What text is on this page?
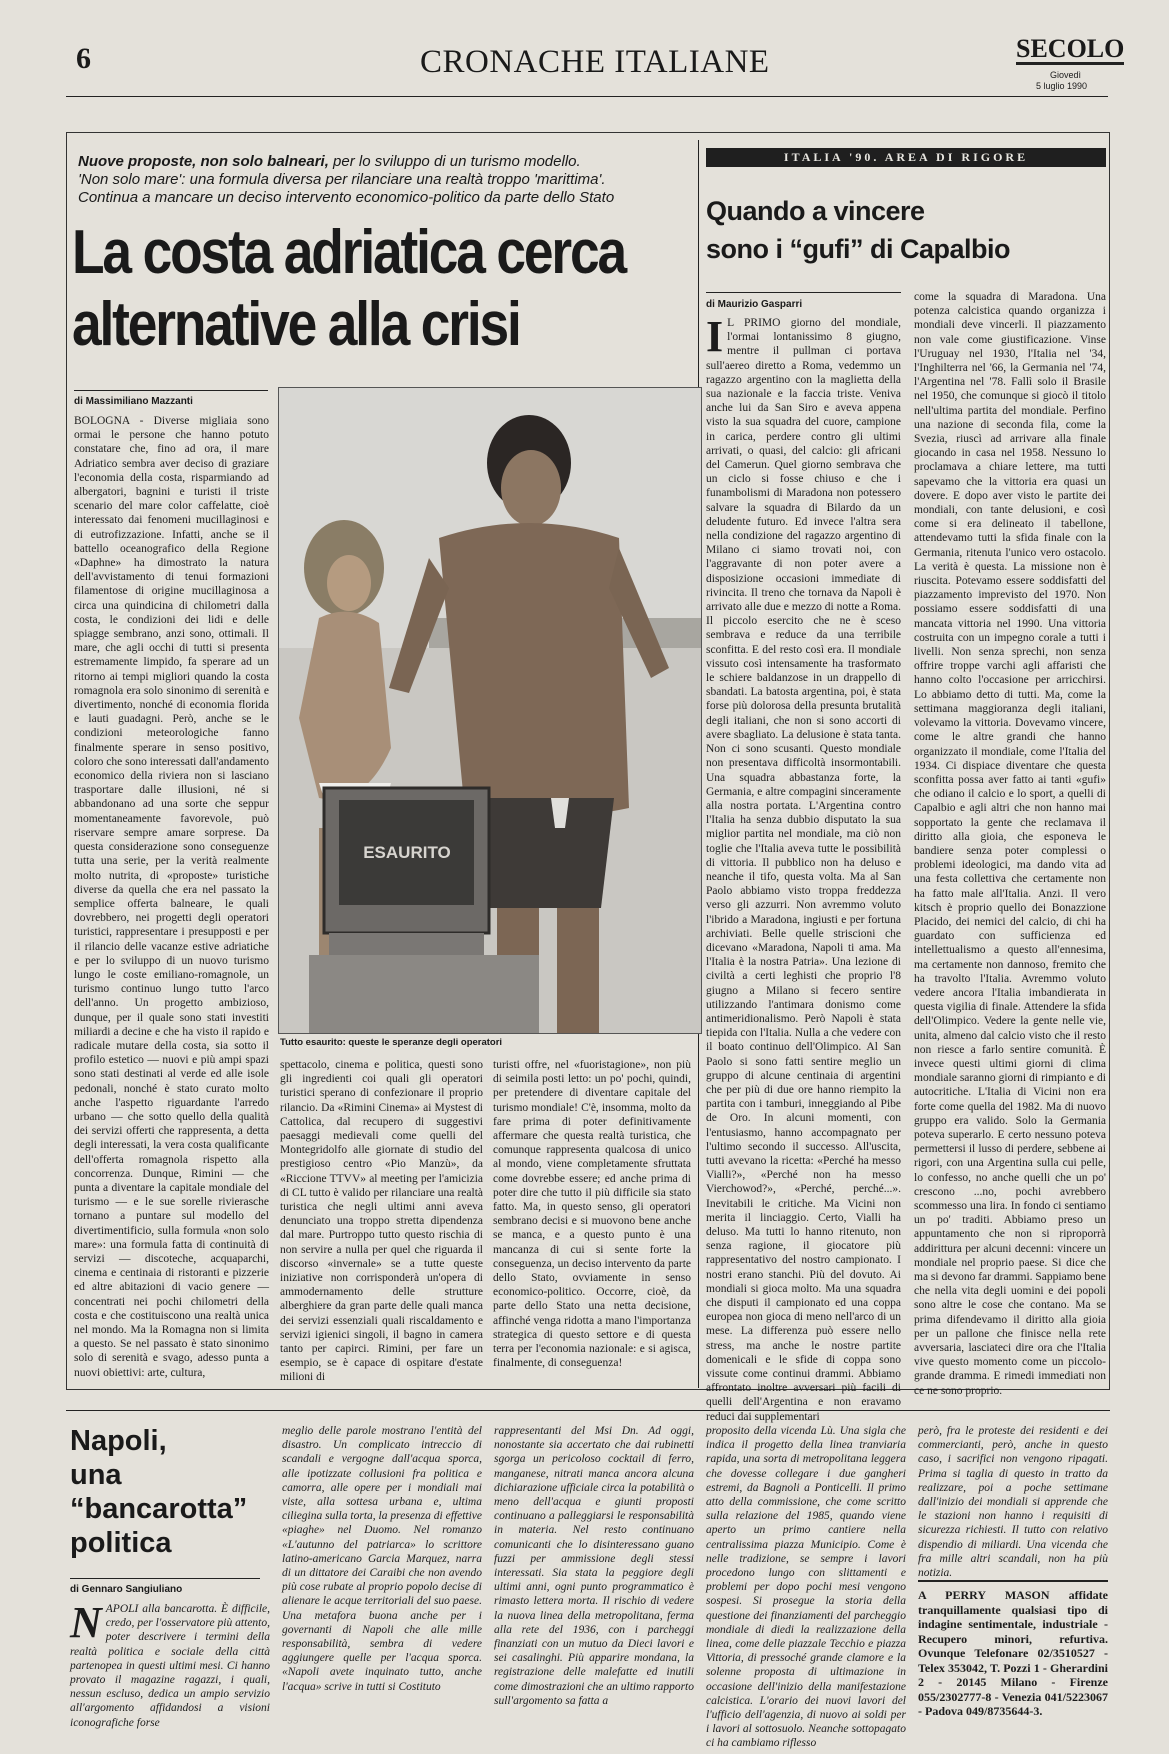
6	CRONACHE ITALIANE	SECOLO
Giovedì
5 luglio 1990
Nuove proposte, non solo balneari, per lo sviluppo di un turismo modello.
'Non solo mare': una formula diversa per rilanciare una realtà troppo 'marittima'.
Continua a mancare un deciso intervento economico-politico da parte dello Stato
La costa adriatica cerca
alternative alla crisi
di Massimiliano Mazzanti

BOLOGNA - Diverse migliaia sono ormai le persone che hanno potuto constatare che, fino ad ora, il mare Adriatico sembra aver deciso di graziare l'economia della costa, risparmiando ad albergatori, bagnini e turisti il triste scenario del mare color caffelatte, cioè interessato dai fenomeni mucillaginosi e di eutrofizzazione. Infatti, anche se il battello oceanografico della Regione «Daphne» ha dimostrato la natura dell'avvistamento di tenui formazioni filamentose di origine mucillaginosa a circa una quindicina di chilometri dalla costa, le condizioni dei lidi e delle spiagge sembrano, anzi sono, ottimali. Il mare, che agli occhi di tutti si presenta estremamente limpido, fa sperare ad un ritorno ai tempi migliori quando la costa romagnola era solo sinonimo di serenità e divertimento, nonché di economia florida e lauti guadagni. Però, anche se le condizioni meteorologiche fanno finalmente sperare in senso positivo, coloro che sono interessati dall'andamento economico della riviera non si lasciano trasportare dalle illusioni, né si abbandonano ad una sorte che seppur momentaneamente favorevole, può riservare sempre amare sorprese. Da questa considerazione sono conseguenze tutta una serie, per la verità realmente molto nutrita, di «proposte» turistiche diverse da quella che era nel passato la semplice offerta balneare, le quali dovrebbero, nei progetti degli operatori turistici, rappresentare i presupposti e per il rilancio delle vacanze estive adriatiche e per lo sviluppo di un nuovo turismo lungo le coste emiliano-romagnole, un turismo continuo lungo tutto l'arco dell'anno. Un progetto ambizioso, dunque, per il quale sono stati investiti miliardi a decine e che ha visto il rapido e radicale mutare della costa, sia sotto il profilo estetico — nuovi e più ampi spazi sono stati destinati al verde ed alle isole pedonali, nonché è stato curato molto anche l'aspetto riguardante l'arredo urbano — che sotto quello della qualità dei servizi offerti che rappresenta, a detta degli interessati, la vera costa qualificante dell'offerta romagnola rispetto alla concorrenza. Dunque, Rimini — che punta a diventare la capitale mondiale del turismo — e le sue sorelle rivierasche tornano a puntare sul modello del divertimentificio, sulla formula «non solo mare»: una formula fatta di continuità di servizi — discoteche, acquaparchi, cinema e centinaia di ristoranti e pizzerie ed altre abitazioni di vacio genere — concentrati nei pochi chilometri della costa e che costituiscono una realtà unica nel mondo. Ma la Romagna non si limita a questo. Se nel passato è stato sinonimo solo di serenità e svago, adesso punta a nuovi obiettivi: arte, cultura,

ESAURITO
Tutto esaurito: queste le speranze degli operatori

spettacolo, cinema e politica, questi sono gli ingredienti coi quali gli operatori turistici sperano di confezionare il proprio rilancio. Da «Rimini Cinema» ai Mystest di Cattolica, dal recupero di suggestivi paesaggi medievali come quelli del Montegridolfo alle giornate di studio del prestigioso centro «Pio Manzù», da «Riccione TTVV» al meeting per l'amicizia di CL tutto è valido per rilanciare una realtà turistica che negli ultimi anni aveva denunciato una troppo stretta dipendenza dal mare. Purtroppo tutto questo rischia di non servire a nulla per quel che riguarda il discorso «invernale» se a tutte queste iniziative non corrisponderà un'opera di ammodernamento delle strutture alberghiere da gran parte delle quali manca dei servizi essenziali quali riscaldamento e servizi igienici singoli, il bagno in camera tanto per capirci. Rimini, per fare un esempio, se è capace di ospitare d'estate milioni di

turisti offre, nel «fuoristagione», non più di seimila posti letto: un po' pochi, quindi, per pretendere di diventare capitale del turismo mondiale! C'è, insomma, molto da fare prima di poter definitivamente affermare che questa realtà turistica, che comunque rappresenta qualcosa di unico al mondo, viene completamente sfruttata come dovrebbe essere; ed anche prima di poter dire che tutto il più difficile sia stato fatto. Ma, in questo senso, gli operatori sembrano decisi e si muovono bene anche se manca, e a questo punto è una mancanza di cui si sente forte la conseguenza, un deciso intervento da parte dello Stato, ovviamente in senso economico-politico. Occorre, cioè, da parte dello Stato una netta decisione, affinché venga ridotta a mano l'importanza strategica di questo settore e di questa terra per l'economia nazionale: e si agisca, finalmente, di conseguenza!

ITALIA '90. AREA DI RIGORE
Quando a vincere
sono i “gufi” di Capalbio
di Maurizio Gasparri
I L PRIMO giorno del mondiale, l'ormai lontanissimo 8 giugno, mentre il pullman ci portava sull'aereo diretto a Roma, vedemmo un ragazzo argentino con la maglietta della sua nazionale e la faccia triste. Veniva anche lui da San Siro e aveva appena visto la sua squadra del cuore, campione in carica, perdere contro gli ultimi arrivati, o quasi, del calcio: gli africani del Camerun. Quel giorno sembrava che un ciclo si fosse chiuso e che i funambolismi di Maradona non potessero salvare la squadra di Bilardo da un deludente futuro. Ed invece l'altra sera nella condizione del ragazzo argentino di Milano ci siamo trovati noi, con l'aggravante di non poter avere a disposizione occasioni immediate di rivincita. Il treno che tornava da Napoli è arrivato alle due e mezzo di notte a Roma. Il piccolo esercito che ne è sceso sembrava e reduce da una terribile sconfitta. E del resto così era. Il mondiale vissuto così intensamente ha trasformato le schiere baldanzose in un drappello di sbandati. La batosta argentina, poi, è stata forse più dolorosa della presunta brutalità degli italiani, che non si sono accorti di avere sbagliato. La delusione è stata tanta. Non ci sono scusanti. Questo mondiale non presentava difficoltà insormontabili. Una squadra abbastanza forte, la Germania, e altre compagini sinceramente alla nostra portata. L'Argentina contro l'Italia ha senza dubbio disputato la sua miglior partita nel mondiale, ma ciò non toglie che l'Italia aveva tutte le possibilità di vittoria. Il pubblico non ha deluso e neanche il tifo, questa volta. Ma al San Paolo abbiamo visto troppa freddezza verso gli azzurri. Non avremmo voluto l'ibrido a Maradona, ingiusti e per fortuna archiviati. Belle quelle striscioni che dicevano «Maradona, Napoli ti ama. Ma l'Italia è la nostra Patria». Una lezione di civiltà a certi leghisti che proprio l'8 giugno a Milano si fecero sentire utilizzando l'antimara donismo come antimeridionalismo. Però Napoli è stata tiepida con l'Italia. Nulla a che vedere con il boato continuo dell'Olimpico. Al San Paolo si sono fatti sentire meglio un gruppo di alcune centinaia di argentini che per più di due ore hanno riempito la partita con i tamburi, inneggiando al Pibe de Oro. In alcuni momenti, con l'entusiasmo, hanno accompagnato per l'ultimo secondo il successo. All'uscita, tutti avevano la ricetta: «Perché ha messo Vialli?», «Perché non ha messo Vierchowod?», «Perché, perché...». Inevitabili le critiche. Ma Vicini non merita il linciaggio. Certo, Vialli ha deluso. Ma tutti lo hanno ritenuto, non senza ragione, il giocatore più rappresentativo del nostro campionato. I nostri erano stanchi. Più del dovuto. Ai mondiali si gioca molto. Ma una squadra che disputi il campionato ed una coppa europea non gioca di meno nell'arco di un mese. La differenza può essere nello stress, ma anche le nostre partite domenicali e le sfide di coppa sono vissute come continui drammi. Abbiamo affrontato inoltre avversari più facili di quelli dell'Argentina e non eravamo reduci dai supplementari

come la squadra di Maradona. Una potenza calcistica quando organizza i mondiali deve vincerli. Il piazzamento non vale come giustificazione. Vinse l'Uruguay nel 1930, l'Italia nel '34, l'Inghilterra nel '66, la Germania nel '74, l'Argentina nel '78. Fallì solo il Brasile nel 1950, che comunque si giocò il titolo nell'ultima partita del mondiale. Perfino una nazione di seconda fila, come la Svezia, riuscì ad arrivare alla finale giocando in casa nel 1958. Nessuno lo proclamava a chiare lettere, ma tutti sapevamo che la vittoria era quasi un dovere. E dopo aver visto le partite dei mondiali, con tante delusioni, e così come si era delineato il tabellone, attendevamo tutti la sfida finale con la Germania, ritenuta l'unico vero ostacolo. La verità è questa. La missione non è riuscita. Potevamo essere soddisfatti del piazzamento imprevisto del 1970. Non possiamo essere soddisfatti di una mancata vittoria nel 1990. Una vittoria costruita con un impegno corale a tutti i livelli. Non senza sprechi, non senza offrire troppe varchi agli affaristi che hanno colto l'occasione per arricchirsi. Lo abbiamo detto di tutti. Ma, come la settimana maggioranza degli italiani, volevamo la vittoria. Dovevamo vincere, come le altre grandi che hanno organizzato il mondiale, come l'Italia del 1934. Ci dispiace diventare che questa sconfitta possa aver fatto ai tanti «gufi» che odiano il calcio e lo sport, a quelli di Capalbio e agli altri che non hanno mai sopportato la gente che reclamava il diritto alla gioia, che esponeva le bandiere senza poter complessi o problemi ideologici, ma dando vita ad una festa collettiva che certamente non ha fatto male all'Italia. Anzi. Il vero kitsch è proprio quello dei Bonazzione Placido, dei nemici del calcio, di chi ha guardato con sufficienza ed intellettualismo a questo all'ennesima, ma certamente non dannoso, fremito che ha travolto l'Italia. Avremmo voluto vedere ancora l'Italia imbandierata in questa vigilia di finale. Attendere la sfida dell'Olimpico. Vedere la gente nelle vie, unita, almeno dal calcio visto che il resto non riesce a farlo sentire comunità. È invece questi ultimi giorni di clima mondiale saranno giorni di rimpianto e di autocritiche. L'Italia di Vicini non era forte come quella del 1982. Ma di nuovo gruppo era valido. Solo la Germania poteva superarlo. E certo nessuno poteva permettersi il lusso di perdere, sebbene ai rigori, con una Argentina sulla cui pelle, lo confesso, no anche quelli che un po' crescono ...no, pochi avrebbero scommesso una lira. In fondo ci sentiamo un po' traditi. Abbiamo preso un appuntamento che non si riproporrà addirittura per alcuni decenni: vincere un mondiale nel proprio paese. Si dice che ma si devono far drammi. Sappiamo bene che nella vita degli uomini e dei popoli sono altre le cose che contano. Ma se prima difendevamo il diritto alla gioia per un pallone che finisce nella rete avversaria, lasciateci dire ora che l'Italia vive questo momento come un piccolo-grande dramma. E rimedi immediati non ce ne sono proprio.

Napoli,
una
“bancarotta”
politica
di Gennaro Sangiuliano
NAPOLI alla bancarotta. È difficile, credo, per l'osservatore più attento, poter descrivere i termini della realtà politica e sociale della città partenopea in questi ultimi mesi. Ci hanno provato il magazine ragazzi, i quali, nessun escluso, dedica un ampio servizio all'argomento affidandosi a visioni iconografiche forse

meglio delle parole mostrano l'entità del disastro. Un complicato intreccio di scandali e vergogne dall'acqua sporca, alle ipotizzate collusioni fra politica e camorra, alle opere per i mondiali mai viste, alla sottesa urbana e, ultima ciliegina sulla torta, la presenza di effettive «piaghe» nel Duomo. Nel romanzo «L'autunno del patriarca» lo scrittore latino-americano Garcia Marquez, narra di un dittatore dei Caraibi che non avendo più cose rubate al proprio popolo decise di alienare le acque territoriali del suo paese. Una metafora buona anche per i governanti di Napoli che alle mille responsabilità, sembra di vedere aggiungere quelle per l'acqua sporca. «Napoli avete inquinato tutto, anche l'acqua» scrive in tutti si Costituto

rappresentanti del Msi Dn. Ad oggi, nonostante sia accertato che dai rubinetti sgorga un pericoloso cocktail di ferro, manganese, nitrati manca ancora alcuna dichiarazione ufficiale circa la potabilità o meno dell'acqua e giunti proposti continuano a palleggiarsi le responsabilità in materia. Nel resto continuano comunicanti che lo disinteressano guano fuzzi per ammissione degli stessi interessati. Sia stata la peggiore degli ultimi anni, ogni punto programmatico è rimasto lettera morta. Il rischio di vedere la nuova linea della metropolitana, ferma alla rete del 1936, con i parcheggi finanziati con un mutuo da Dieci lavori e sei casalinghi. Più apparire mondana, la registrazione delle malefatte ed inutili come dimostrazioni che an ultimo rapporto sull'argomento sa fatta a

proposito della vicenda Lù. Una sigla che indica il progetto della linea tranviaria rapida, una sorta di metropolitana leggera che dovesse collegare i due gangheri estremi, da Bagnoli a Ponticelli. Il primo atto della commissione, che come scritto sulla relazione del 1985, quando viene aperto un primo cantiere nella centralissima piazza Municipio. Come è nelle tradizione, se sempre i lavori procedono lungo con slittamenti e problemi per dopo pochi mesi vengono sospesi. Si prosegue la storia della questione dei finanziamenti del parcheggio mondiale di diedi la realizzazione della linea, come delle piazzale Tecchio e piazza Vittoria, di pressoché grande clamore e la solenne proposta di ultimazione in occasione dell'inizio della manifestazione calcistica. L'orario dei nuovi lavori del l'ufficio dell'agenzia, di nuovo ai soldi per i lavori al sottosuolo. Neanche sottopagato ci ha cambiamo riflesso

però, fra le proteste dei residenti e dei commercianti, però, anche in questo caso, i sacrifici non vengono ripagati. Prima si taglia di questo in tratto da realizzare, poi a poche settimane dall'inizio dei mondiali si apprende che le stazioni non hanno i requisiti di sicurezza richiesti. Il tutto con relativo dispendio di miliardi. Una vicenda che fra mille altri scandali, non ha più notizia.

A PERRY MASON affidate tranquillamente qualsiasi tipo di indagine sentimentale, industriale - Recupero minori, refurtiva. Ovunque Telefonare 02/3510527 - Telex 353042, T. Pozzi 1 - Gherardini 2 - 20145 Milano - Firenze 055/2302777-8 - Venezia 041/5223067 - Padova 049/8735644-3.
